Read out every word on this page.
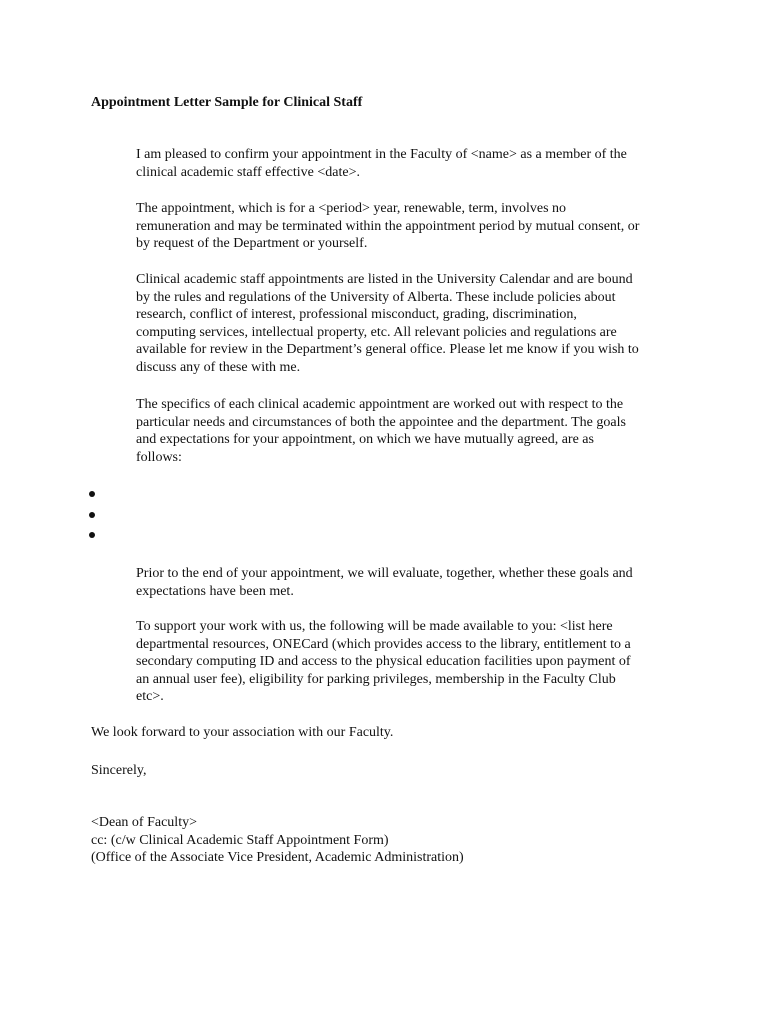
Appointment Letter Sample for Clinical Staff

I am pleased to confirm your appointment in the Faculty of <name> as a member of the
clinical academic staff effective <date>.

The appointment, which is for a <period> year, renewable, term, involves no
remuneration and may be terminated within the appointment period by mutual consent, or
by request of the Department or yourself.

Clinical academic staff appointments are listed in the University Calendar and are bound
by the rules and regulations of the University of Alberta. These include policies about
research, conflict of interest, professional misconduct, grading, discrimination,
computing services, intellectual property, etc. All relevant policies and regulations are
available for review in the Department’s general office. Please let me know if you wish to
discuss any of these with me.

The specifics of each clinical academic appointment are worked out with respect to the
particular needs and circumstances of both the appointee and the department. The goals
and expectations for your appointment, on which we have mutually agreed, are as
follows:

Prior to the end of your appointment, we will evaluate, together, whether these goals and
expectations have been met.

To support your work with us, the following will be made available to you: <list here
departmental resources, ONECard (which provides access to the library, entitlement to a
secondary computing ID and access to the physical education facilities upon payment of
an annual user fee), eligibility for parking privileges, membership in the Faculty Club
etc>.

We look forward to your association with our Faculty.

Sincerely,

<Dean of Faculty>

cc: (c/w Clinical Academic Staff Appointment Form)

(Office of the Associate Vice President, Academic Administration)
